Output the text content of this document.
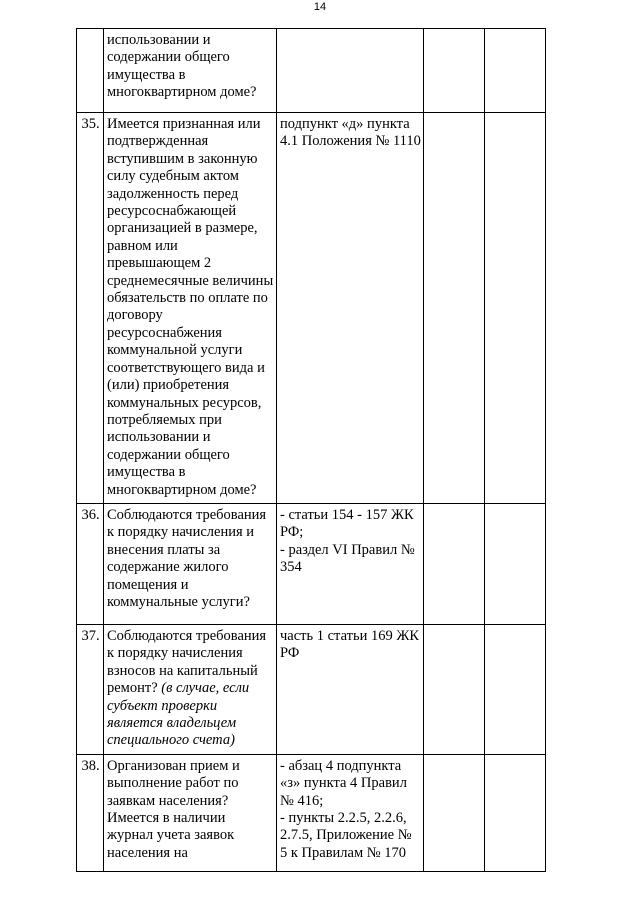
14
	использовании и содержании общего имущества в многоквартирном доме?			
35.	Имеется признанная или подтвержденная вступившим в законную силу судебным актом задолженность перед ресурсоснабжающей организацией в размере, равном или превышающем 2 среднемесячные величины обязательств по оплате по договору ресурсоснабжения коммунальной услуги соответствующего вида и (или) приобретения коммунальных ресурсов, потребляемых при использовании и содержании общего имущества в многоквартирном доме?	подпункт «д» пункта 4.1 Положения № 1110		
36.	Соблюдаются требования к порядку начисления и внесения платы за содержание жилого помещения и коммунальные услуги?	- статьи 154 - 157 ЖК РФ;
- раздел VI Правил № 354		

37.	Соблюдаются требования к порядку начисления взносов на капитальный ремонт? (в случае, если субъект проверки является владельцем специального счета)	часть 1 статьи 169 ЖК РФ		
38.	Организован прием и выполнение работ по заявкам населения? Имеется в наличии журнал учета заявок населения на	- абзац 4 подпункта «з» пункта 4 Правил № 416;
- пункты 2.2.5, 2.2.6, 2.7.5, Приложение № 5 к Правилам № 170		
